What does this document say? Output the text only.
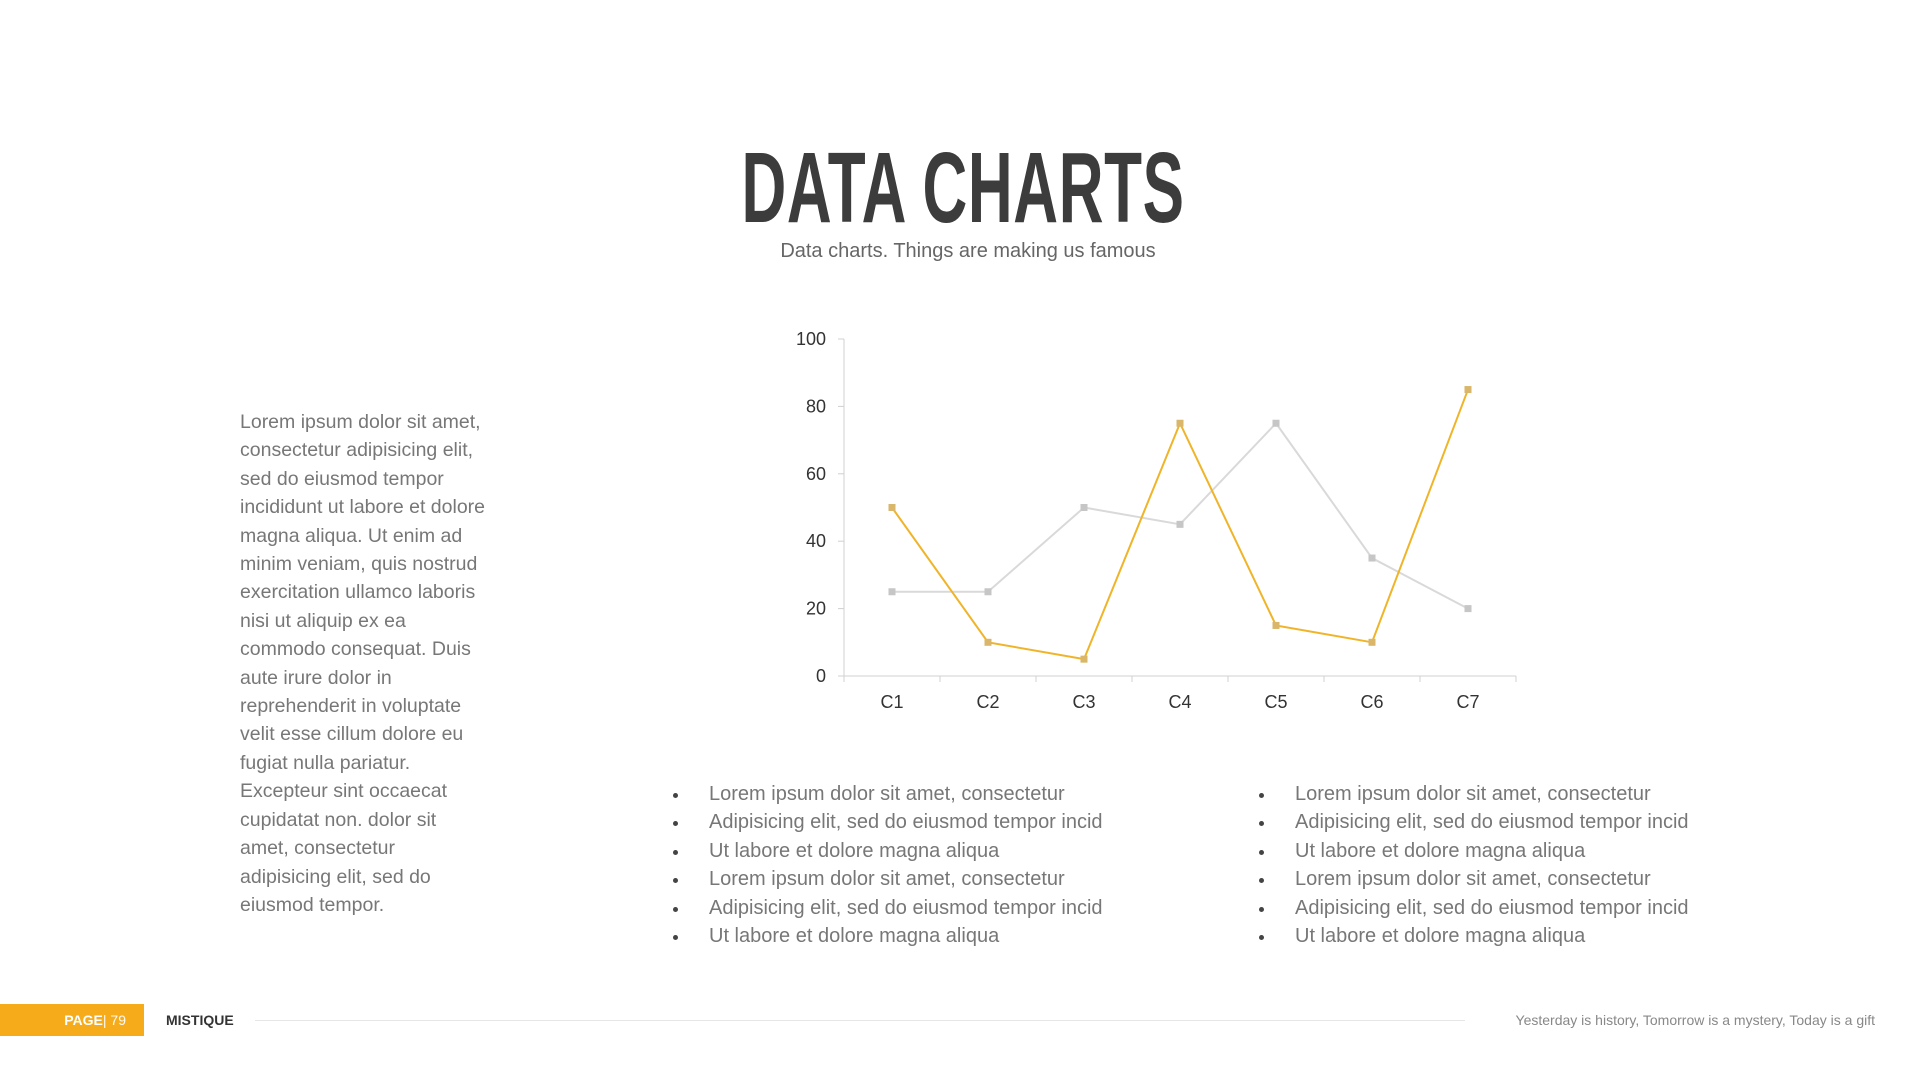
DATA CHARTS
Data charts. Things are making us famous
Lorem ipsum dolor sit amet, consectetur adipisicing elit, sed do eiusmod tempor incididunt ut labore et dolore magna aliqua. Ut enim ad minim veniam, quis nostrud exercitation ullamco laboris nisi ut aliquip ex ea commodo consequat. Duis aute irure dolor in reprehenderit in voluptate velit esse cillum dolore eu fugiat nulla pariatur. Excepteur sint occaecat cupidatat non. dolor sit amet, consectetur adipisicing elit, sed do eiusmod tempor.
0
20
40
60
80
100
C1	C2	C3	C4	C5	C6	C7
Lorem ipsum dolor sit amet, consectetur
Adipisicing elit, sed do eiusmod tempor incid
Ut labore et dolore magna aliqua
Lorem ipsum dolor sit amet, consectetur
Adipisicing elit, sed do eiusmod tempor incid
Ut labore et dolore magna aliqua
Lorem ipsum dolor sit amet, consectetur
Adipisicing elit, sed do eiusmod tempor incid
Ut labore et dolore magna aliqua
Lorem ipsum dolor sit amet, consectetur
Adipisicing elit, sed do eiusmod tempor incid
Ut labore et dolore magna aliqua
PAGE| 79	MISTIQUE	Yesterday is history, Tomorrow is a mystery, Today is a gift
